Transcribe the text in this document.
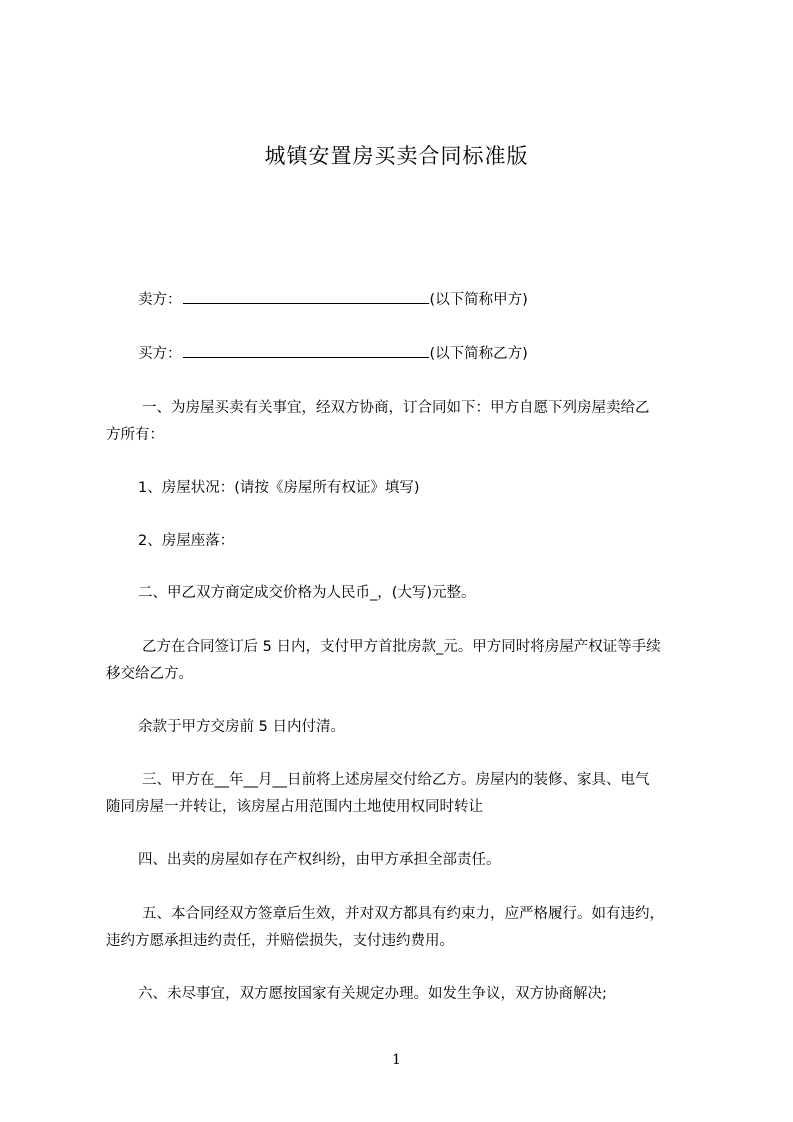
城镇安置房买卖合同标准版
卖方：	(以下简称甲方)
买方：	(以下简称乙方)
一、为房屋买卖有关事宜，经双方协商，订合同如下：甲方自愿下列房屋卖给乙
方所有：
1、房屋状况：(请按《房屋所有权证》填写)
2、房屋座落：
二、甲乙双方商定成交价格为人民币_，(大写)元整。
乙方在合同签订后 5 日内，支付甲方首批房款_元。甲方同时将房屋产权证等手续
移交给乙方。
余款于甲方交房前 5 日内付清。
三、甲方在__年__月__日前将上述房屋交付给乙方。房屋内的装修、家具、电气
随同房屋一并转让，该房屋占用范围内土地使用权同时转让
四、出卖的房屋如存在产权纠纷，由甲方承担全部责任。
五、本合同经双方签章后生效，并对双方都具有约束力，应严格履行。如有违约，
违约方愿承担违约责任，并赔偿损失，支付违约费用。
六、未尽事宜，双方愿按国家有关规定办理。如发生争议，双方协商解决;
1
